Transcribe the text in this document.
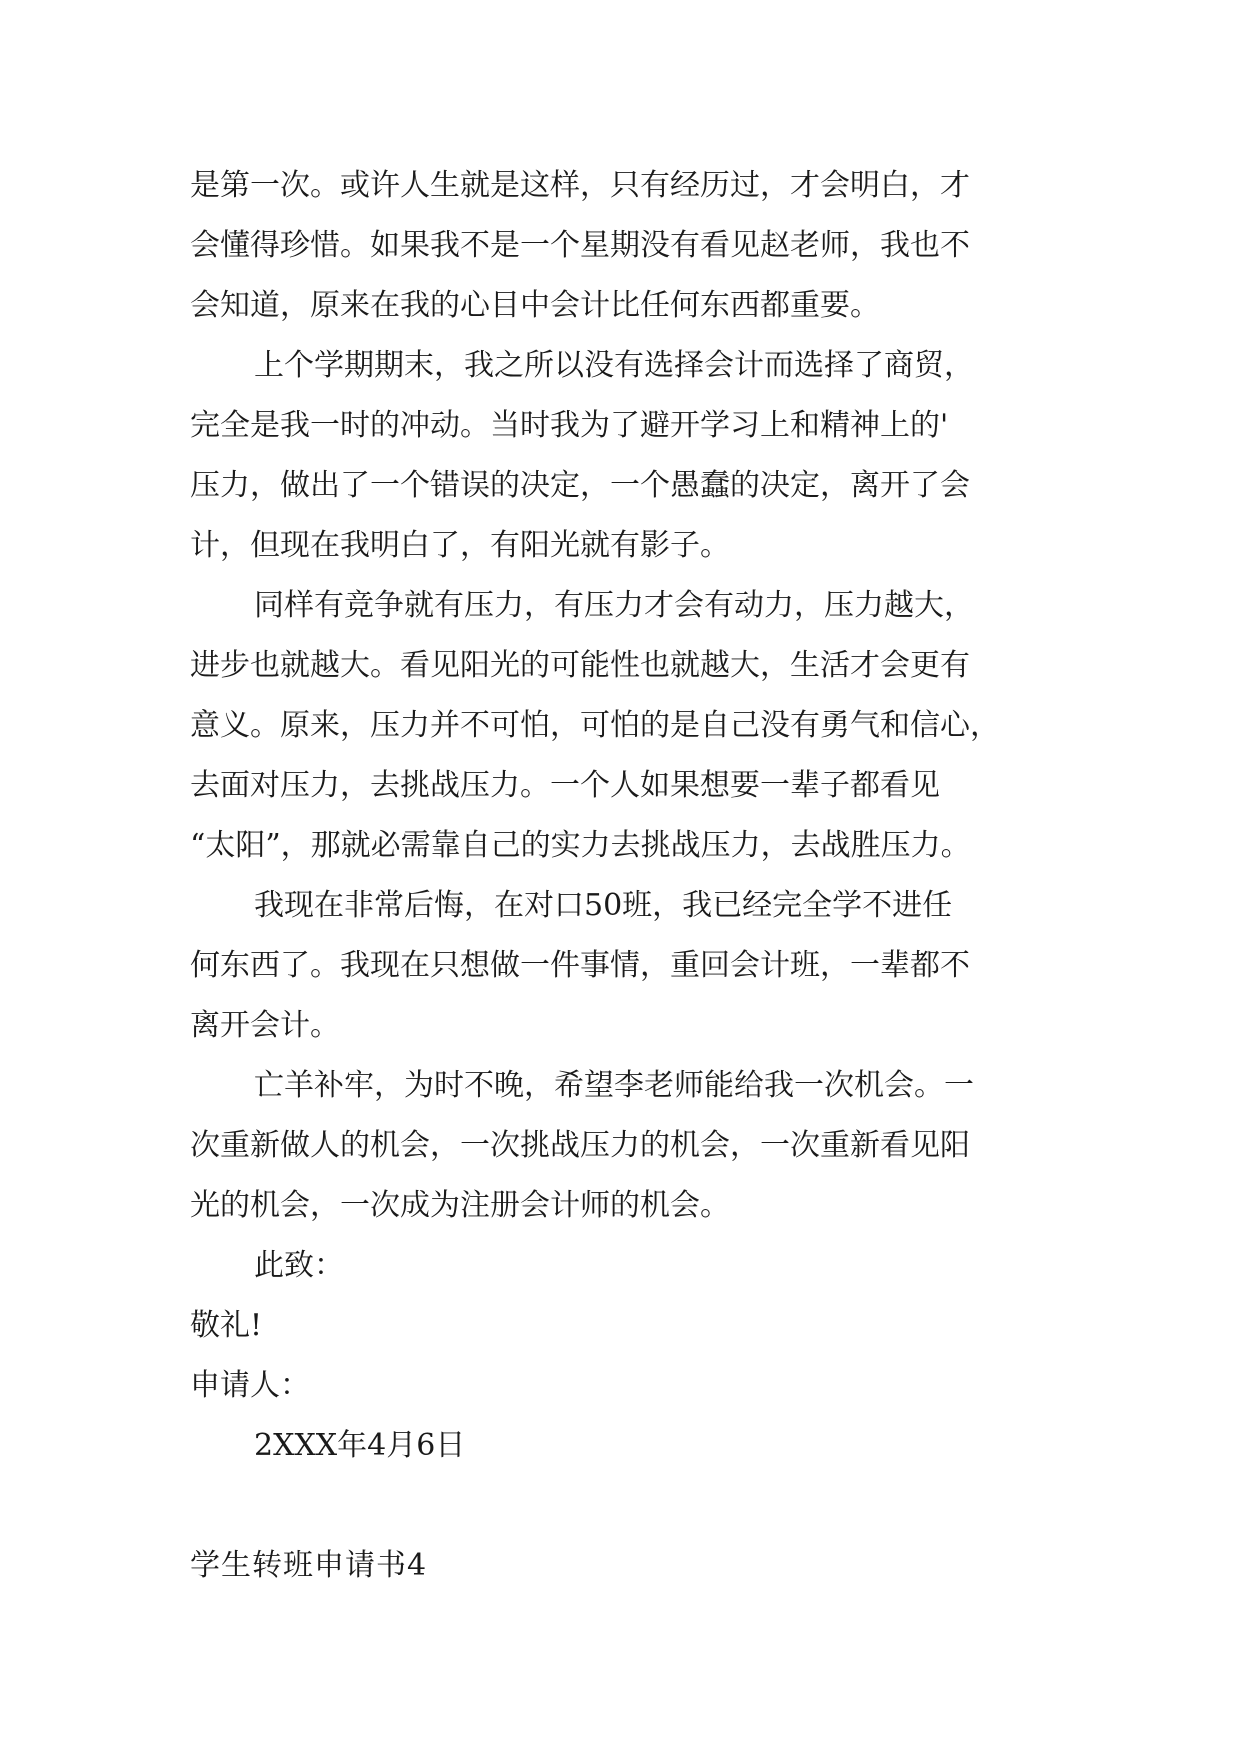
是第一次。或许人生就是这样，只有经历过，才会明白，才

会懂得珍惜。如果我不是一个星期没有看见赵老师，我也不

会知道，原来在我的心目中会计比任何东西都重要。

上个学期期末，我之所以没有选择会计而选择了商贸，

完全是我一时的冲动。当时我为了避开学习上和精神上的'

压力，做出了一个错误的决定，一个愚蠢的决定，离开了会

计，但现在我明白了，有阳光就有影子。

同样有竞争就有压力，有压力才会有动力，压力越大，

进步也就越大。看见阳光的可能性也就越大，生活才会更有

意义。原来，压力并不可怕，可怕的是自己没有勇气和信心，

去面对压力，去挑战压力。一个人如果想要一辈子都看见

“太阳”，那就必需靠自己的实力去挑战压力，去战胜压力。

我现在非常后悔，在对口50班，我已经完全学不进任

何东西了。我现在只想做一件事情，重回会计班，一辈都不

离开会计。

亡羊补牢，为时不晚，希望李老师能给我一次机会。一

次重新做人的机会，一次挑战压力的机会，一次重新看见阳

光的机会，一次成为注册会计师的机会。

此致：

敬礼!

申请人：

2XXX年4月6日

学生转班申请书4
